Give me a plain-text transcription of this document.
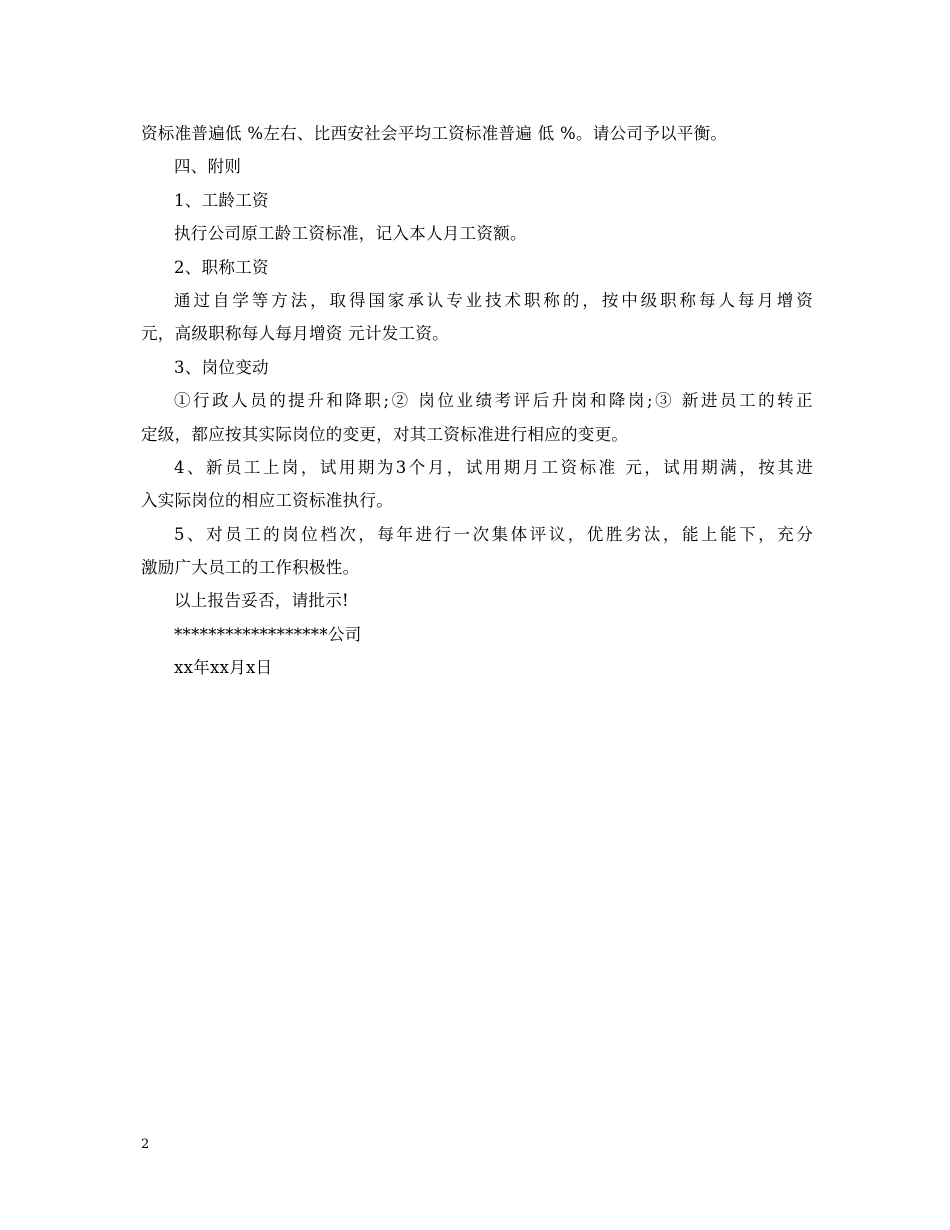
资标准普遍低 %左右、比西安社会平均工资标准普遍 低 %。请公司予以平衡。
四、附则
1、工龄工资
执行公司原工龄工资标准，记入本人月工资额。
2、职称工资
通过自学等方法，取得国家承认专业技术职称的，按中级职称每人每月增资
元，高级职称每人每月增资 元计发工资。
3、岗位变动
①行政人员的提升和降职;② 岗位业绩考评后升岗和降岗;③ 新进员工的转正
定级，都应按其实际岗位的变更，对其工资标准进行相应的变更。
4、新员工上岗，试用期为3个月，试用期月工资标准 元，试用期满，按其进
入实际岗位的相应工资标准执行。
5、对员工的岗位档次，每年进行一次集体评议，优胜劣汰，能上能下，充分
激励广大员工的工作积极性。
以上报告妥否，请批示!
******************公司
xx年xx月x日
2
